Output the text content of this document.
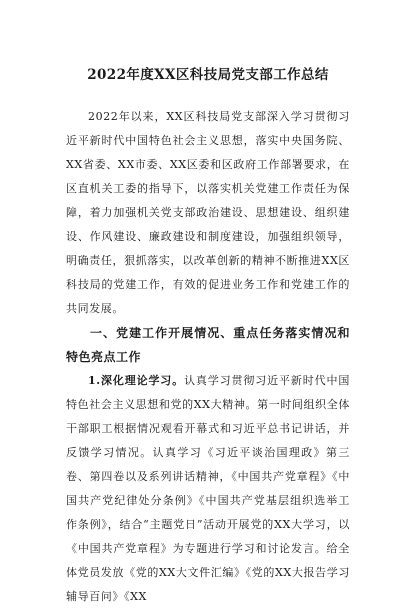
2022年度XX区科技局党支部工作总结

2022年以来，XX区科技局党支部深入学习贯彻习近平新时代中国特色社会主义思想，落实中央国务院、XX省委、XX市委、XX区委和区政府工作部署要求，在区直机关工委的指导下，以落实机关党建工作责任为保障，着力加强机关党支部政治建设、思想建设、组织建设、作风建设、廉政建设和制度建设，加强组织领导，明确责任，狠抓落实，以改革创新的精神不断推进XX区科技局的党建工作，有效的促进业务工作和党建工作的共同发展。

一、党建工作开展情况、重点任务落实情况和特色亮点工作

1.深化理论学习。认真学习贯彻习近平新时代中国特色社会主义思想和党的XX大精神。第一时间组织全体干部职工根据情况观看开幕式和习近平总书记讲话，并反馈学习情况。认真学习《习近平谈治国理政》第三卷、第四卷以及系列讲话精神，《中国共产党章程》《中国共产党纪律处分条例》《中国共产党基层组织选举工作条例》，结合“主题党日”活动开展党的XX大学习，以《中国共产党章程》为专题进行学习和讨论发言。给全体党员发放《党的XX大文件汇编》《党的XX大报告学习辅导百问》《XX
